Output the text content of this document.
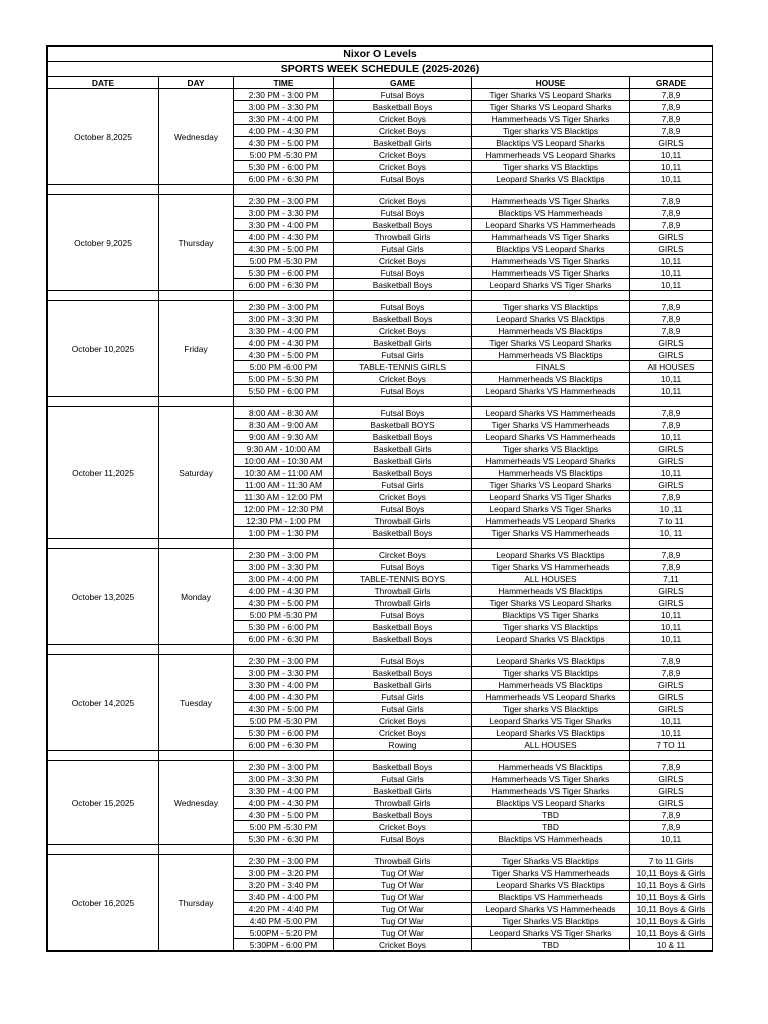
Nixor O Levels					
SPORTS WEEK SCHEDULE (2025-2026)					
DATE	DAY	TIME	GAME	HOUSE	GRADE
October 8,2025	Wednesday	2:30 PM - 3:00 PM	Futsal Boys	Tiger Sharks VS Leopard Sharks	7,8,9
		3:00 PM - 3:30 PM	Basketball Boys	Tiger Sharks VS Leopard Sharks	7,8,9
		3:30 PM - 4:00 PM	Cricket Boys	Hammerheads VS Tiger Sharks	7,8,9
		4:00 PM - 4:30 PM	Cricket Boys	Tiger sharks VS Blacktips	7,8,9
		4:30 PM - 5:00 PM	Basketball Girls	Blacktips VS Leopard Sharks	GIRLS
		5:00 PM -5:30 PM	Cricket Boys	Hammerheads VS Leopard Sharks	10,11
		5:30 PM - 6:00 PM	Cricket Boys	Tiger sharks VS Blacktips	10,11
		6:00 PM - 6:30 PM	Futsal Boys	Leopard Sharks VS Blacktips	10,11

October 9,2025	Thursday	2:30 PM - 3:00 PM	Cricket Boys	Hammerheads VS Tiger Sharks	7,8,9
		3:00 PM - 3:30 PM	Futsal Boys	Blacktips VS Hammerheads	7,8,9
		3:30 PM - 4:00 PM	Basketball Boys	Leopard Sharks VS Hammerheads	7,8,9
		4:00 PM - 4:30 PM	Throwball Girls	Hammarheads VS Tiger Sharks	GIRLS
		4:30 PM - 5:00 PM	Futsal Girls	Blacktips VS Leopard Sharks	GIRLS
		5:00 PM -5:30 PM	Cricket Boys	Hammerheads VS Tiger Sharks	10,11
		5:30 PM - 6:00 PM	Futsal Boys	Hammerheads VS Tiger Sharks	10,11
		6:00 PM - 6:30 PM	Basketball Boys	Leopard Sharks VS Tiger Sharks	10,11

October 10,2025	Friday	2:30 PM - 3:00 PM	Futsal Boys	Tiger sharks VS Blacktips	7,8,9
		3:00 PM - 3:30 PM	Basketball Boys	Leopard Sharks VS Blacktips	7,8,9
		3:30 PM - 4:00 PM	Cricket Boys	Hammerheads VS Blacktips	7,8,9
		4:00 PM - 4:30 PM	Basketball Girls	Tiger Sharks VS Leopard Sharks	GIRLS
		4:30 PM - 5:00 PM	Futsal Girls	Hammerheads VS Blacktips	GIRLS
		5:00 PM -6:00 PM	TABLE-TENNIS GIRLS	FINALS	All HOUSES
		5:00 PM - 5:30 PM	Cricket Boys	Hammerheads VS Blacktips	10,11
		5:50 PM - 6:00 PM	Futsal Boys	Leopard Sharks VS Hammerheads	10,11

October 11,2025	Saturday	8:00 AM - 8:30 AM	Futsal Boys	Leopard Sharks VS Hammerheads	7,8,9
		8:30 AM - 9:00 AM	Basketball BOYS	Tiger Sharks VS Hammerheads	7,8,9
		9:00 AM - 9:30 AM	Basketball Boys	Leopard Sharks VS Hammerheads	10,11
		9:30 AM - 10:00 AM	Basketball Girls	Tiger sharks VS Blacktips	GIRLS
		10:00 AM - 10:30 AM	Basketball Girls	Hammerheads VS Leopard Sharks	GIRLS
		10:30 AM - 11:00 AM	Basketball Boys	Hammerheads VS Blacktips	10,11
		11:00 AM - 11:30 AM	Futsal Girls	Tiger Sharks VS Leopard Sharks	GIRLS
		11:30 AM - 12:00 PM	Cricket Boys	Leopard Sharks VS Tiger Sharks	7,8,9
		12:00 PM - 12:30 PM	Futsal Boys	Leopard Sharks VS Tiger Sharks	10 ,11
		12:30 PM - 1:00 PM	Throwball Girls	Hammerheads VS Leopard Sharks	7 to 11
		1:00 PM - 1:30 PM	Basketball Boys	Tiger Sharks VS Hammerheads	10, 11

October 13,2025	Monday	2:30 PM - 3:00 PM	Circket Boys	Leopard Sharks VS Blacktips	7,8,9
		3:00 PM - 3:30 PM	Futsal Boys	Tiger Sharks VS Hammerheads	7,8,9
		3:00 PM - 4:00 PM	TABLE-TENNIS BOYS	ALL HOUSES	7,11
		4:00 PM - 4:30 PM	Throwball Girls	Hammerheads VS Blacktips	GIRLS
		4:30 PM - 5:00 PM	Throwball Girls	Tiger Sharks VS Leopard Sharks	GIRLS
		5:00 PM -5:30 PM	Futsal Boys	Blacktips VS Tiger Sharks	10,11
		5:30 PM - 6:00 PM	Basketball Boys	Tiger sharks VS Blacktips	10,11
		6:00 PM - 6:30 PM	Basketball Boys	Leopard Sharks VS Blacktips	10,11

October 14,2025	Tuesday	2:30 PM - 3:00 PM	Futsal Boys	Leopard Sharks VS Blacktips	7,8,9
		3:00 PM - 3:30 PM	Basketball Boys	Tiger sharks VS Blacktips	7,8,9
		3:30 PM - 4:00 PM	Basketball Girls	Hammerheads VS Blacktips	GIRLS
		4:00 PM - 4:30 PM	Futsal Girls	Hammerheads VS Leopard Sharks	GIRLS
		4:30 PM - 5:00 PM	Futsal Girls	Tiger sharks VS Blacktips	GIRLS
		5:00 PM -5:30 PM	Cricket Boys	Leopard Sharks VS Tiger Sharks	10,11
		5:30 PM - 6:00 PM	Cricket Boys	Leopard Sharks VS Blacktips	10,11
		6:00 PM - 6:30 PM	Rowing	ALL HOUSES	7 TO 11

October 15,2025	Wednesday	2:30 PM - 3:00 PM	Basketball Boys	Hammerheads VS Blacktips	7,8,9
		3:00 PM - 3:30 PM	Futsal Girls	Hammerheads VS Tiger Sharks	GIRLS
		3:30 PM - 4:00 PM	Basketball Girls	Hammerheads VS Tiger Sharks	GIRLS
		4:00 PM - 4:30 PM	Throwball Girls	Blacktips VS Leopard Sharks	GIRLS
		4:30 PM - 5:00 PM	Basketball Boys	TBD	7,8,9
		5:00 PM -5:30 PM	Cricket Boys	TBD	7,8,9
		5:30 PM - 6:30 PM	Futsal Boys	Blacktips VS Hammerheads	10,11

October 16,2025	Thursday	2:30 PM - 3:00 PM	Throwball Girls	Tiger Sharks VS Blacktips	7 to 11 Girls
		3:00 PM - 3:20 PM	Tug Of War	Tiger Sharks VS Hammerheads	10,11 Boys & Girls
		3:20 PM - 3:40 PM	Tug Of War	Leopard Sharks VS Blacktips	10,11 Boys & Girls
		3:40 PM - 4:00 PM	Tug Of War	Blacktips VS Hammerheads	10,11 Boys & Girls
		4:20 PM - 4:40 PM	Tug Of War	Leopard Sharks VS Hammerheads	10,11 Boys & Girls
		4:40 PM -5:00 PM	Tug Of War	Tiger Sharks VS Blacktips	10,11 Boys & Girls
		5:00PM - 5:20 PM	Tug Of War	Leopard Sharks VS Tiger Sharks	10,11 Boys & Girls
		5:30PM - 6:00 PM	Cricket Boys	TBD	10 & 11
